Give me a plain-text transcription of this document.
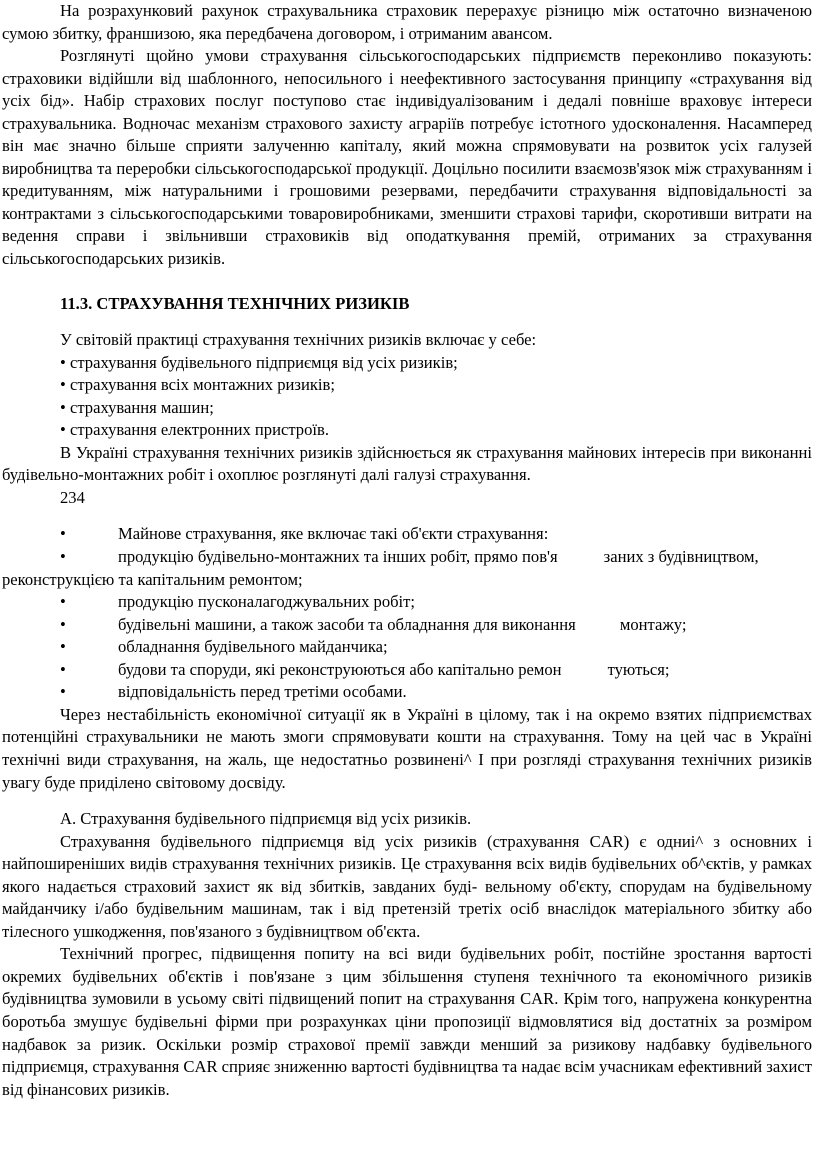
На розрахунковий рахунок страхувальника страховик перерахує різницю між остаточно визначеною сумою збитку, франшизою, яка передбачена договором, і отриманим авансом.

Розглянуті щойно умови страхування сільськогосподарських підприємств переконливо показують: страховики відійшли від шаблонного, непосильного і неефективного застосування принципу «страхування від усіх бід». Набір страхових послуг поступово стає індивідуалізованим і дедалі повніше враховує інтереси страхувальника. Водночас механізм страхового захисту аграріїв потребує істотного удосконалення. Насамперед він має значно більше сприяти залученню капіталу, який можна спрямовувати на розвиток усіх галузей виробництва та переробки сільськогосподарської продукції. Доцільно посилити взаємозв'язок між страхуванням і кредитуванням, між натуральними і грошовими резервами, передбачити страхування відповідальності за контрактами з сільськогосподарськими товаровиробниками, зменшити страхові тарифи, скоротивши витрати на ведення справи і звільнивши страховиків від оподаткування премій, отриманих за страхування сільськогосподарських ризиків.

11.3. СТРАХУВАННЯ ТЕХНІЧНИХ РИЗИКІВ

У світовій практиці страхування технічних ризиків включає у себе:

• страхування будівельного підприємця від усіх ризиків;

• страхування всіх монтажних ризиків;

• страхування машин;

• страхування електронних пристроїв.

В Україні страхування технічних ризиків здійснюється як страхування майнових інтересів при виконанні будівельно-монтажних робіт і охоплює розглянуті далі галузі страхування.

234

•	Майнове страхування, яке включає такі об'єкти страхування:

•	продукцію будівельно-монтажних та інших робіт, прямо пов'я	заних з будівництвом, реконструкцією та капітальним ремонтом;

•	продукцію пусконалагоджувальних робіт;

•	будівельні машини, а також засоби та обладнання для виконання	монтажу;

•	обладнання будівельного майданчика;

•	будови та споруди, які реконструюються або капітально ремон	туються;

•	відповідальність перед третіми особами.

Через нестабільність економічної ситуації як в Україні в цілому, так і на окремо взятих підприємствах потенційні страхувальники не мають змоги спрямовувати кошти на страхування. Тому на цей час в Україні технічні види страхування, на жаль, ще недостатньо розвинені^ І при розгляді страхування технічних ризиків увагу буде приділено світовому досвіду.

А. Страхування будівельного підприємця від усіх ризиків.

Страхування будівельного підприємця від усіх ризиків (страхування CAR) є одниі^ з основних і найпоширеніших видів страхування технічних ризиків. Це страхування всіх видів будівельних об^єктів, у рамках якого надається страховий захист як від збитків, завданих буді- вельному об'єкту, спорудам на будівельному майданчику і/або будівельним машинам, так і від претензій третіх осіб внаслідок матеріального збитку або тілесного ушкодження, пов'язаного з будівництвом об'єкта.

Технічний прогрес, підвищення попиту на всі види будівельних робіт, постійне зростання вартості окремих будівельних об'єктів і пов'язане з цим збільшення ступеня технічного та економічного ризиків будівництва зумовили в усьому світі підвищений попит на страхування CAR. Крім того, напружена конкурентна боротьба змушує будівельні фірми при розрахунках ціни пропозиції відмовлятися від достатніх за розміром надбавок за ризик. Оскільки розмір страхової премії завжди менший за ризикову надбавку будівельного підприємця, страхування CAR сприяє зниженню вартості будівництва та надає всім учасникам ефективний захист від фінансових ризиків.
